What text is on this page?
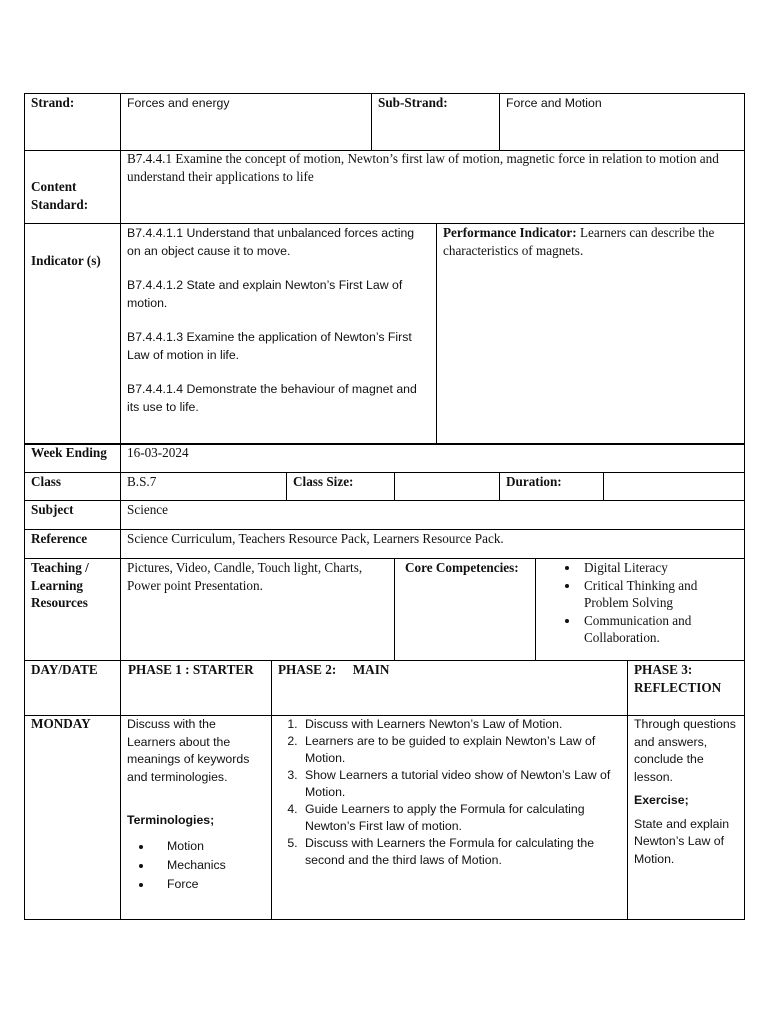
Strand:	Forces and energy	Sub-Strand:	Force and Motion
Content Standard:
B7.4.4.1 Examine the concept of motion, Newton’s first law of motion, magnetic force in relation to motion and understand their applications to life
Indicator (s)

B7.4.4.1.1 Understand that unbalanced forces acting on an object cause it to move.

B7.4.4.1.2 State and explain Newton’s First Law of motion.

B7.4.4.1.3 Examine the application of Newton’s First Law of motion in life.

B7.4.4.1.4 Demonstrate the behaviour of magnet and its use to life.

Performance Indicator: Learners can describe the characteristics of magnets.
Week Ending 16-03-2024
Class	B.S.7	Class Size:	Duration:
Subject	Science
Reference	Science Curriculum, Teachers Resource Pack, Learners Resource Pack.
Teaching / Learning Resources
Pictures, Video, Candle, Touch light, Charts, Power point Presentation.
Core Competencies:
•	Digital Literacy
• Critical Thinking and Problem Solving
• Communication and Collaboration.
DAY/DATE PHASE 1 : STARTER PHASE 2:     MAIN	PHASE 3: REFLECTION
MONDAY	Discuss with the Learners about the meanings of keywords and terminologies.

Terminologies;

• Motion
• Mechanics
• Force
1. Discuss with Learners Newton’s Law of Motion.
2. Learners are to be guided to explain Newton’s Law of Motion.
3. Show Learners a tutorial video show of Newton’s Law of Motion.
4. Guide Learners to apply the Formula for calculating Newton’s First law of motion.
5. Discuss with Learners the Formula for calculating the second and the third laws of Motion.

Through questions and answers, conclude the lesson.

Exercise;

State and explain Newton’s Law of Motion.
